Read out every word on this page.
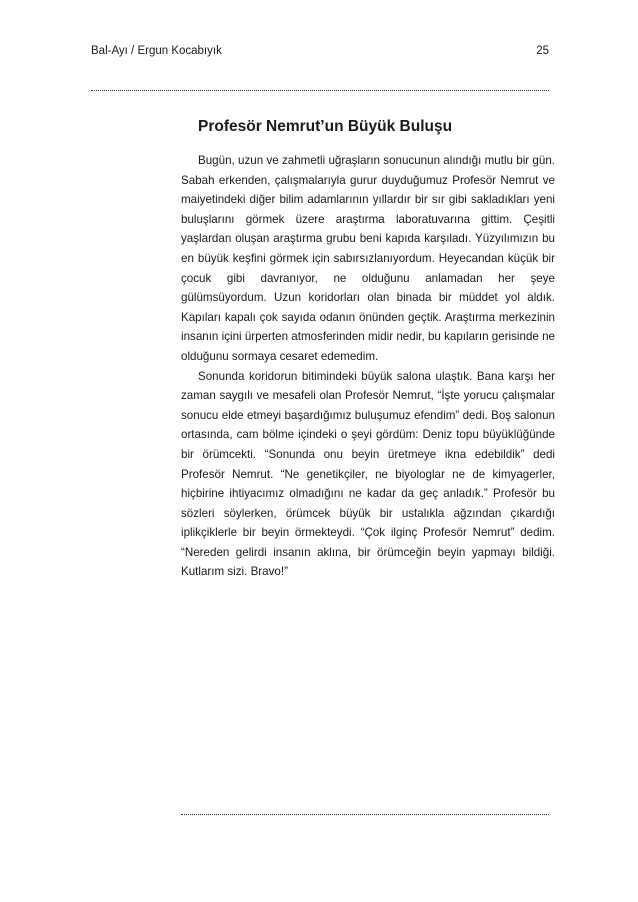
Bal-Ayı / Ergun Kocabıyık	25
Profesör Nemrut’un Büyük Buluşu

Bugün, uzun ve zahmetli uğraşların sonucunun alındığı mutlu bir gün. Sabah erkenden, çalışmalarıyla gurur duyduğumuz Profesör Nemrut ve maiyetindeki diğer bilim adamlarının yıllardır bir sır gibi sakladıkları yeni buluşlarını görmek üzere araştırma laboratuvarına gittim. Çeşitli yaşlardan oluşan araştırma grubu beni kapıda karşıladı. Yüzyılımızın bu en büyük keşfini görmek için sabırsızlanıyordum. Heyecandan küçük bir çocuk gibi davranıyor, ne olduğunu anlamadan her şeye gülümsüyordum. Uzun koridorları olan binada bir müddet yol aldık. Kapıları kapalı çok sayıda odanın önünden geçtik. Araştırma merkezinin insanın içini ürperten atmosferinden midir nedir, bu kapıların gerisinde ne olduğunu sormaya cesaret edemedim.

Sonunda koridorun bitimindeki büyük salona ulaştık. Bana karşı her zaman saygılı ve mesafeli olan Profesör Nemrut, “İşte yorucu çalışmalar sonucu elde etmeyi başardığımız buluşumuz efendim” dedi. Boş salonun ortasında, cam bölme içindeki o şeyi gördüm: Deniz topu büyüklüğünde bir örümcekti. “Sonunda onu beyin üretmeye ikna edebildik” dedi Profesör Nemrut. “Ne genetikçiler, ne biyologlar ne de kimyagerler, hiçbirine ihtiyacımız olmadığını ne kadar da geç anladık.” Profesör bu sözleri söylerken, örümcek büyük bir ustalıkla ağzından çıkardığı iplikçiklerle bir beyin örmekteydi. “Çok ilginç Profesör Nemrut” dedim. “Nereden gelirdi insanın aklına, bir örümceğin beyin yapmayı bildiği. Kutlarım sizi. Bravo!”
